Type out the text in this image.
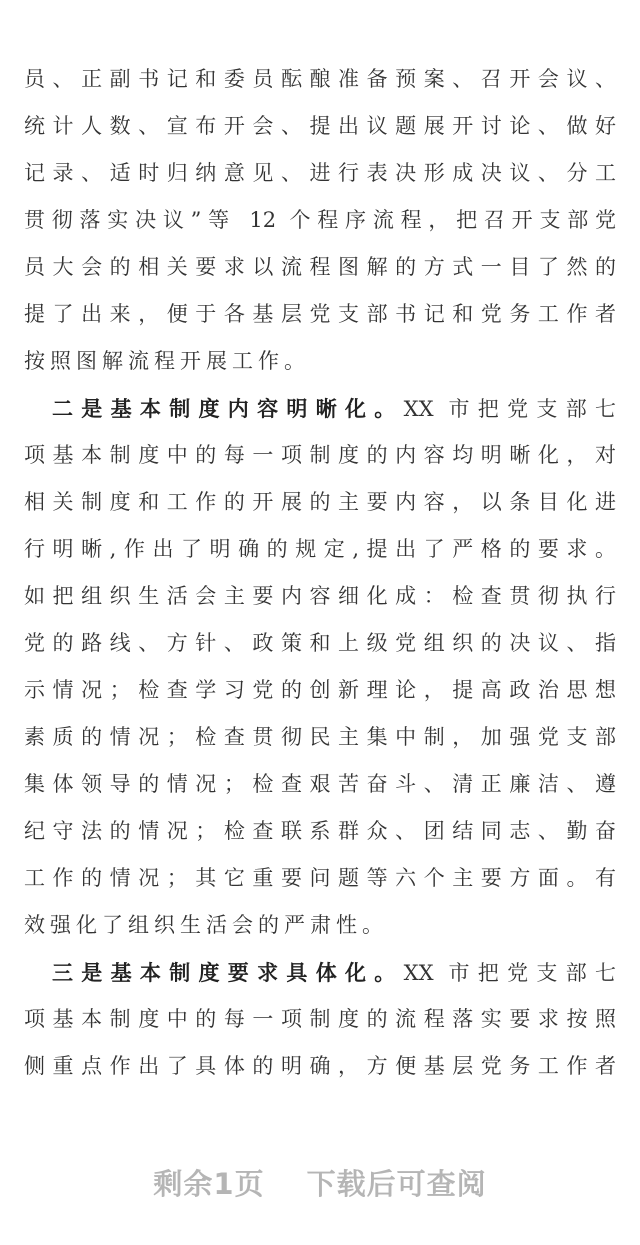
员、正副书记和委员酝酿准备预案、召开会议、
统计人数、宣布开会、提出议题展开讨论、做好
记录、适时归纳意见、进行表决形成决议、分工
贯彻落实决议”等 12 个程序流程，把召开支部党
员大会的相关要求以流程图解的方式一目了然的
提了出来，便于各基层党支部书记和党务工作者
按照图解流程开展工作。
二是基本制度内容明晰化。XX 市把党支部七
项基本制度中的每一项制度的内容均明晰化，对
相关制度和工作的开展的主要内容，以条目化进
行明晰,作出了明确的规定,提出了严格的要求。
如把组织生活会主要内容细化成：检查贯彻执行
党的路线、方针、政策和上级党组织的决议、指
示情况；检查学习党的创新理论，提高政治思想
素质的情况；检查贯彻民主集中制，加强党支部
集体领导的情况；检查艰苦奋斗、清正廉洁、遵
纪守法的情况；检查联系群众、团结同志、勤奋
工作的情况；其它重要问题等六个主要方面。有
效强化了组织生活会的严肃性。
三是基本制度要求具体化。XX 市把党支部七
项基本制度中的每一项制度的流程落实要求按照
侧重点作出了具体的明确，方便基层党务工作者
剩余1页 下载后可查阅
